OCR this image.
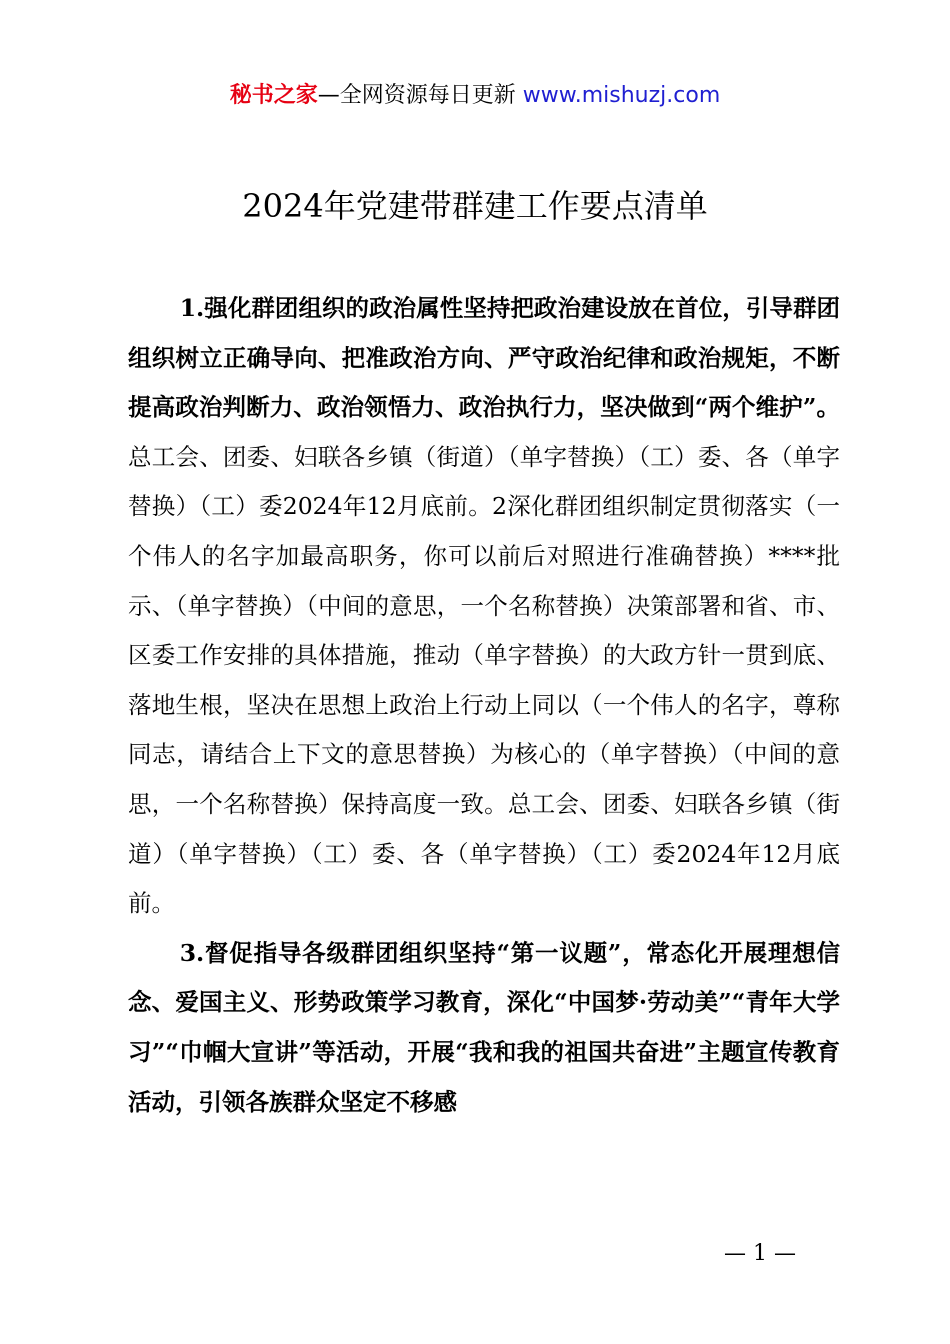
秘书之家—全网资源每日更新 www.mishuzj.com
2024年党建带群建工作要点清单

1.强化群团组织的政治属性坚持把政治建设放在首位，引导群团组织树立正确导向、把准政治方向、严守政治纪律和政治规矩，不断提高政治判断力、政治领悟力、政治执行力，坚决做到“两个维护”。总工会、团委、妇联各乡镇（街道）（单字替换）（工）委、各（单字替换）（工）委2024年12月底前。2深化群团组织制定贯彻落实（一个伟人的名字加最高职务，你可以前后对照进行准确替换）****批示、（单字替换）（中间的意思，一个名称替换）决策部署和省、市、区委工作安排的具体措施，推动（单字替换）的大政方针一贯到底、落地生根，坚决在思想上政治上行动上同以（一个伟人的名字，尊称同志，请结合上下文的意思替换）为核心的（单字替换）（中间的意思，一个名称替换）保持高度一致。总工会、团委、妇联各乡镇（街道）（单字替换）（工）委、各（单字替换）（工）委2024年12月底前。

3.督促指导各级群团组织坚持“第一议题”，常态化开展理想信念、爱国主义、形势政策学习教育，深化“中国梦·劳动美”“青年大学习”“巾帼大宣讲”等活动，开展“我和我的祖国共奋进”主题宣传教育活动，引领各族群众坚定不移感

— 1 —
